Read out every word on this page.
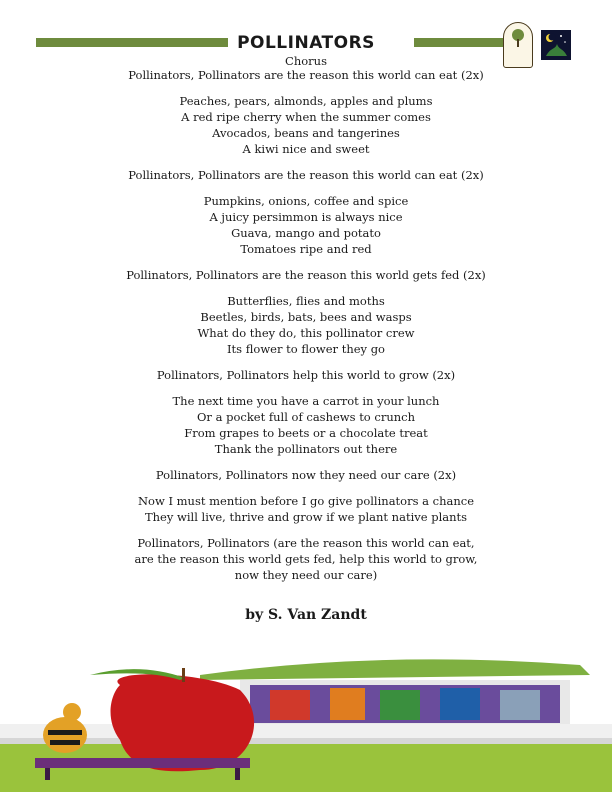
POLLINATORS
Chorus
Pollinators, Pollinators are the reason this world can eat (2x)
Peaches, pears, almonds, apples and plums
A red ripe cherry when the summer comes
Avocados, beans and tangerines
A kiwi nice and sweet
Pollinators, Pollinators are the reason this world can eat (2x)
Pumpkins, onions, coffee and spice
A juicy persimmon is always nice
Guava, mango and potato
Tomatoes ripe and red
Pollinators, Pollinators are the reason this world gets fed (2x)
Butterflies, flies and moths
Beetles, birds, bats, bees and wasps
What do they do, this pollinator crew
Its flower to flower they go
Pollinators, Pollinators help this world to grow (2x)
The next time you have a carrot in your lunch
Or a pocket full of cashews to crunch
From grapes to beets or a chocolate treat
Thank the pollinators out there
Pollinators, Pollinators now they need our care (2x)
Now I must mention before I go give pollinators a chance
They will live, thrive and grow if we plant native plants
Pollinators, Pollinators (are the reason this world can eat,
are the reason this world gets fed, help this world to grow,
now they need our care)
by S. Van Zandt
